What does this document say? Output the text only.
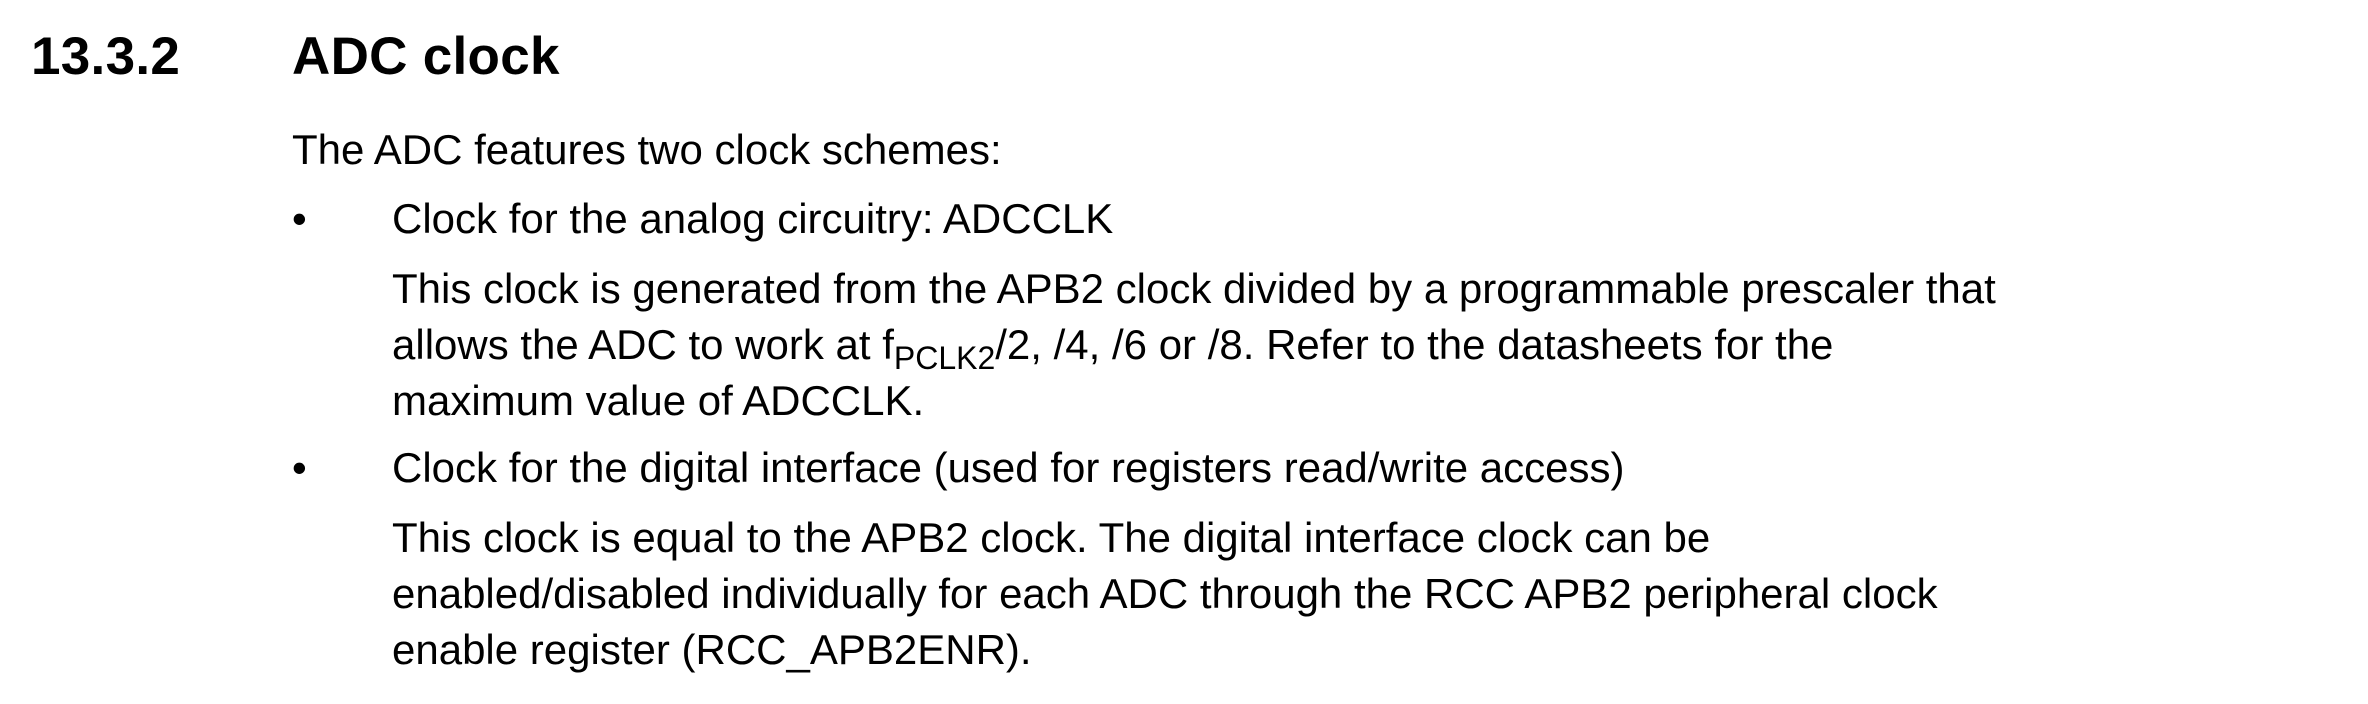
13.3.2 ADC clock
The ADC features two clock schemes:
• Clock for the analog circuitry: ADCCLK
This clock is generated from the APB2 clock divided by a programmable prescaler that
allows the ADC to work at $f_{PCLK2}/2$, /4, /6 or /8. Refer to the datasheets for the
maximum value of ADCCLK.
• Clock for the digital interface (used for registers read/write access)
This clock is equal to the APB2 clock. The digital interface clock can be
enabled/disabled individually for each ADC through the RCC APB2 peripheral clock
enable register (RCC_APB2ENR).
